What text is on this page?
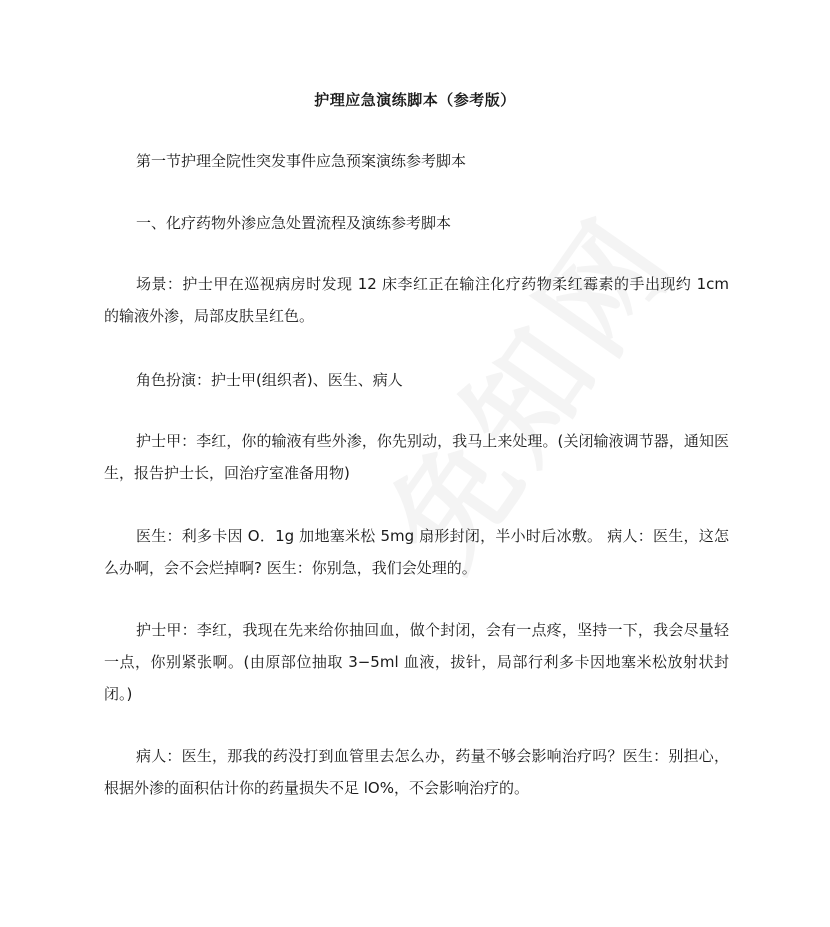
护理应急演练脚本（参考版）

第一节护理全院性突发事件应急预案演练参考脚本

一、化疗药物外渗应急处置流程及演练参考脚本

场景：护士甲在巡视病房时发现 12 床李红正在输注化疗药物柔红霉素的手出现约 1cm 的输液外渗，局部皮肤呈红色。

角色扮演：护士甲(组织者)、医生、病人

护士甲：李红，你的输液有些外渗，你先别动，我马上来处理。(关闭输液调节器，通知医生，报告护士长，回治疗室准备用物)

医生：利多卡因 O．1g 加地塞米松 5mg 扇形封闭，半小时后冰敷。 病人：医生，这怎么办啊，会不会烂掉啊? 医生：你别急，我们会处理的。

护士甲：李红，我现在先来给你抽回血，做个封闭，会有一点疼，坚持一下，我会尽量轻一点，你别紧张啊。(由原部位抽取 3−5ml 血液，拔针，局部行利多卡因地塞米松放射状封闭。)

病人：医生，那我的药没打到血管里去怎么办，药量不够会影响治疗吗？医生：别担心，根据外渗的面积估计你的药量损失不足 lO%，不会影响治疗的。
